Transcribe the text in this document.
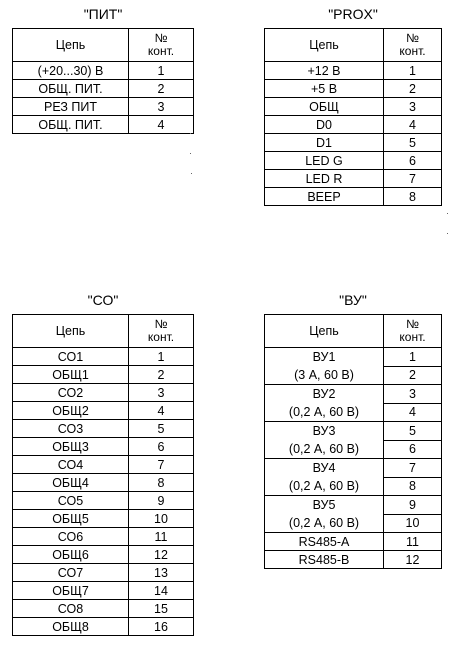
"ПИТ"
Цепь	№
конт.

(+20...30) В	1
ОБЩ. ПИТ.	2
РЕЗ ПИТ	3
ОБЩ. ПИТ.	4
"PROX"
Цепь	№
конт.

+12 В	1
+5 В	2
ОБЩ	3
D0	4
D1	5
LED G	6
LED R	7
BEEP	8
"СО"
Цепь	№
конт.

СО1	1
ОБЩ1	2
СО2	3
ОБЩ2	4
СО3	5
ОБЩ3	6
СО4	7
ОБЩ4	8
СО5	9
ОБЩ5	10
СО6	11
ОБЩ6	12
СО7	13
ОБЩ7	14
СО8	15
ОБЩ8	16
"ВУ"
Цепь	№
конт.

ВУ1
(3 А, 60 В)	1
	2
ВУ2
(0,2 А, 60 В)	3
	4
ВУ3
(0,2 А, 60 В)	5
	6
ВУ4
(0,2 А, 60 В)	7
	8
ВУ5
(0,2 А, 60 В)	9
	10
RS485-A	11
RS485-B	12
